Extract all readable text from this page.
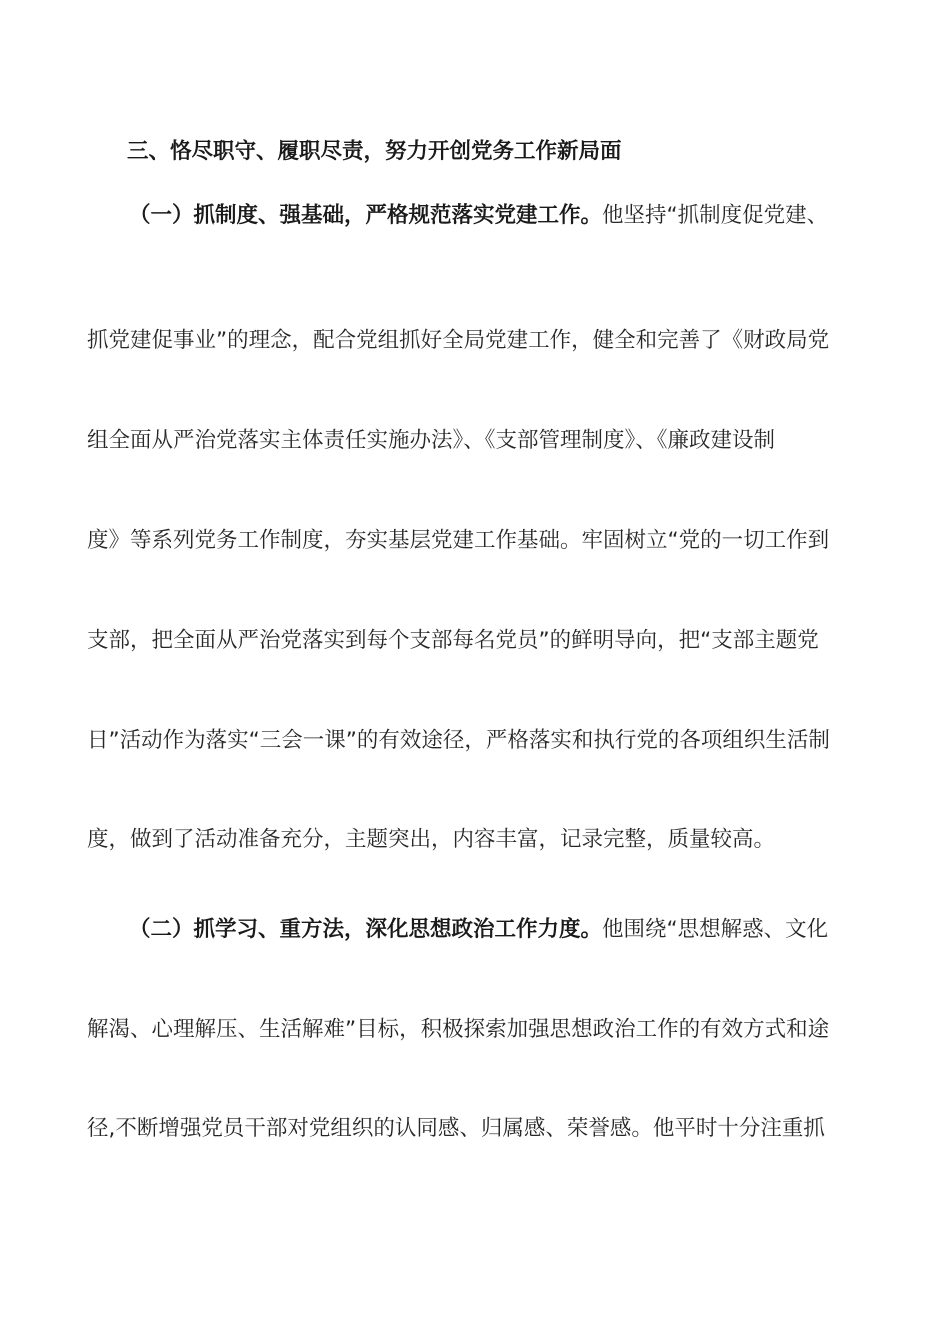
三、恪尽职守、履职尽责，努力开创党务工作新局面
（一）抓制度、强基础，严格规范落实党建工作。他坚持“抓制度促党建、
抓党建促事业”的理念，配合党组抓好全局党建工作，健全和完善了《财政局党
组全面从严治党落实主体责任实施办法》、《支部管理制度》、《廉政建设制
度》等系列党务工作制度，夯实基层党建工作基础。牢固树立“党的一切工作到
支部，把全面从严治党落实到每个支部每名党员”的鲜明导向，把“支部主题党
日”活动作为落实“三会一课”的有效途径，严格落实和执行党的各项组织生活制
度，做到了活动准备充分，主题突出，内容丰富，记录完整，质量较高。
（二）抓学习、重方法，深化思想政治工作力度。他围绕“思想解惑、文化
解渴、心理解压、生活解难”目标，积极探索加强思想政治工作的有效方式和途
径,不断增强党员干部对党组织的认同感、归属感、荣誉感。他平时十分注重抓
